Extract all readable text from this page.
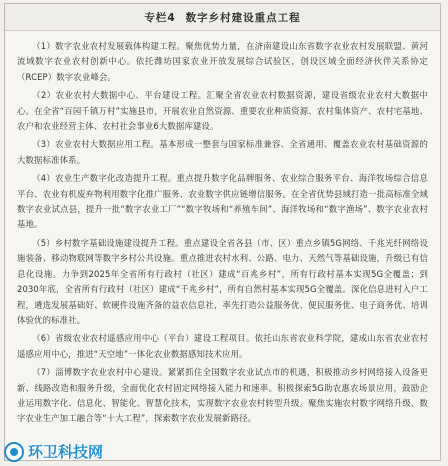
专栏4 数字乡村建设重点工程

（1）数字农业农村发展载体构建工程。聚焦优势力量，在济南建设山东省数字农业农村发展联盟、黄河流域数字农业农村创新中心。依托潍坊国家农业开放发展综合试验区，创设区域全面经济伙伴关系协定（RCEP）数字农业峰会。

（2）农业农村大数据中心、平台建设工程。汇聚全省农业农村数据资源，建设省级农业农村大数据中心。在全省“百园千镇万村”实施县市，开展农业自然资源、重要农业种质资源、农村集体资产、农村宅基地、农户和农业经营主体、农村社会事业6大数据库建设。

（3）农业农村大数据应用工程。基本形成一整套与国家标准兼容、全省通用、覆盖农业农村基础资源的大数据标准体系。

（4）农业生产数字化改造提升工程。重点提升数字化品牌服务、农业综合服务平台、海洋牧场综合信息平台、农业有机废弃物利用数字化推广服务、农业数字供应链增信服务。在全省优势县域打造一批高标准全域数字农业试点县，提升一批“数字农业工厂”“数字牧场和“养殖车间”、海洋牧场和“数字渔场”、数字农业农村基地。

（5）乡村数字基础设施建设提升工程。重点建设全省各县（市、区）重点乡镇5G网络、千兆光纤网络设施装备、移动物联网等数字乡村公共设施。重点推进农村水利、公路、电力、天然气等基础设施，升级已有信息化设施。力争到2025年全省所有行政村（社区）建成“百兆乡村”，所有行政村基本实现5G全覆盖；到2030年底，全省所有行政村（社区）建成“千兆乡村”，所有自然村基本实现5G全覆盖。深化信息进村入户工程，遴选发展基础好、软硬件设施齐备的益农信息社，率先打造公益服务优、便民服务优、电子商务优、培训体验优的标准社。

（6）省级农业农村遥感应用中心（平台）建设工程项目。依托山东省农业科学院，建成山东省农业农村遥感应用中心，推进“天空地”一体化农业数据感知技术应用。

（7）淄博数字农业农村中心建设。紧紧抓住全国数字农业试点市的机遇，积极推动乡村网络接入设备更新、线路改造和服务升级，全面优化农村固定网络接入能力和速率。积极探索5G助农惠农场景应用，鼓励企业运用数字化、信息化、智能化、智慧化技术，实现数字农业农村转型升级。聚焦实施农村数字网络升级、数字农业生产加工融合等“十大工程”，探索数字农业发展新路径。

环卫科技网
